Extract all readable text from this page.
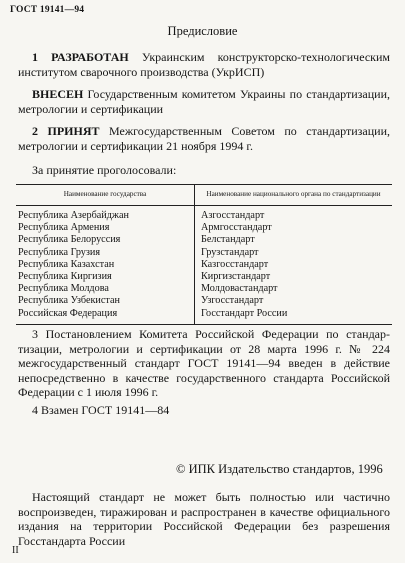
ГОСТ 19141—94
Предисловие
1 РАЗРАБОТАН Украинским конструкторско-технологическим институтом сварочного производства (УкрИСП)
ВНЕСЕН Государственным комитетом Украины по стандартизации, метрологии и сертификации
2 ПРИНЯТ Межгосударственным Советом по стандартизации, метрологии и сертификации 21 ноября 1994 г.
За принятие проголосовали:
Наименование государства	Наименование национального органа по стандартизации
Республика Азербайджан	Азгосстандарт
Республика Армения	Армгосстандарт
Республика Белоруссия	Белстандарт
Республика Грузия	Грузстандарт
Республика Казахстан	Казгосстандарт
Республика Киргизия	Киргизстандарт
Республика Молдова	Молдовастандарт
Республика Узбекистан	Узгосстандарт
Российская Федерация	Госстандарт России
3 Постановлением Комитета Российской Федерации по стандартизации, метрологии и сертификации от 28 марта 1996 г. № 224 межгосударственный стандарт ГОСТ 19141—94 введен в действие непосредственно в качестве государственного стандарта Российской Федерации с 1 июля 1996 г.
4 Взамен ГОСТ 19141—84
© ИПК Издательство стандартов, 1996
Настоящий стандарт не может быть полностью или частично воспроизведен, тиражирован и распространен в качестве официального издания на территории Российской Федерации без разрешения Госстандарта России
II
